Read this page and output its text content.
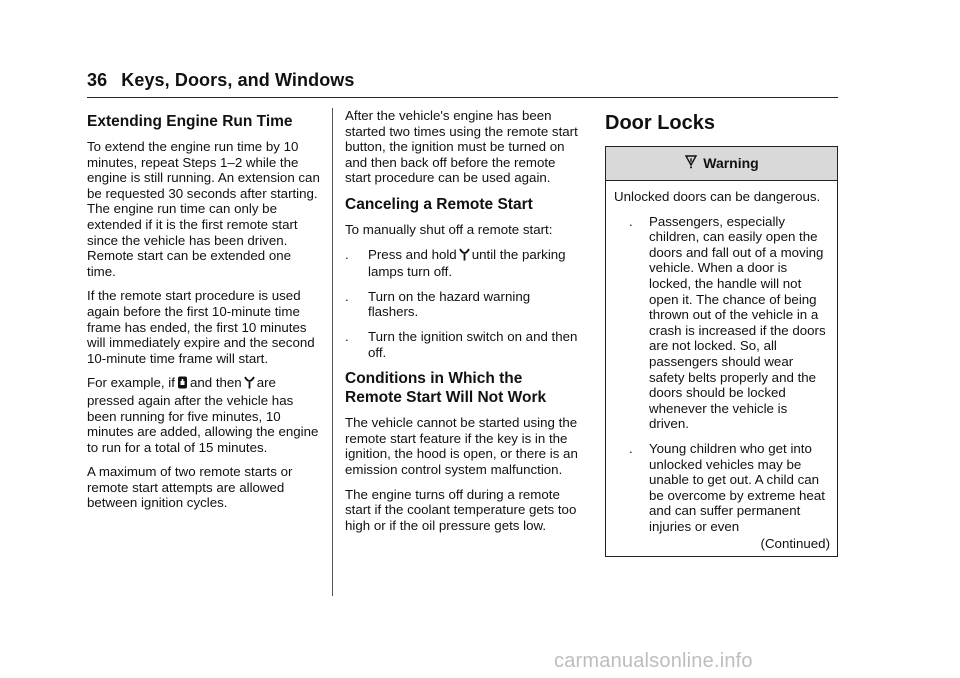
36 Keys, Doors, and Windows
Extending Engine Run Time

To extend the engine run time by 10 minutes, repeat Steps 1–2 while the engine is still running. An extension can be requested 30 seconds after starting. The engine run time can only be extended if it is the first remote start since the vehicle has been driven. Remote start can be extended one time.

If the remote start procedure is used again before the first 10-minute time frame has ended, the first 10 minutes will immediately expire and the second 10-minute time frame will start.

For example, if and then are pressed again after the vehicle has been running for five minutes, 10 minutes are added, allowing the engine to run for a total of 15 minutes.

A maximum of two remote starts or remote start attempts are allowed between ignition cycles.

After the vehicle's engine has been started two times using the remote start button, the ignition must be turned on and then back off before the remote start procedure can be used again.

Canceling a Remote Start

To manually shut off a remote start:

. Press and hold until the parking lamps turn off.
. Turn on the hazard warning flashers.
. Turn the ignition switch on and then off.
Conditions in Which the Remote Start Will Not Work

The vehicle cannot be started using the remote start feature if the key is in the ignition, the hood is open, or there is an emission control system malfunction.

The engine turns off during a remote start if the coolant temperature gets too high or if the oil pressure gets low.

Door Locks
Warning

Unlocked doors can be dangerous.

. Passengers, especially children, can easily open the doors and fall out of a moving vehicle. When a door is locked, the handle will not open it. The chance of being thrown out of the vehicle in a crash is increased if the doors are not locked. So, all passengers should wear safety belts properly and the doors should be locked whenever the vehicle is driven.
. Young children who get into unlocked vehicles may be unable to get out. A child can be overcome by extreme heat and can suffer permanent injuries or even

(Continued)

carmanualsonline.info
